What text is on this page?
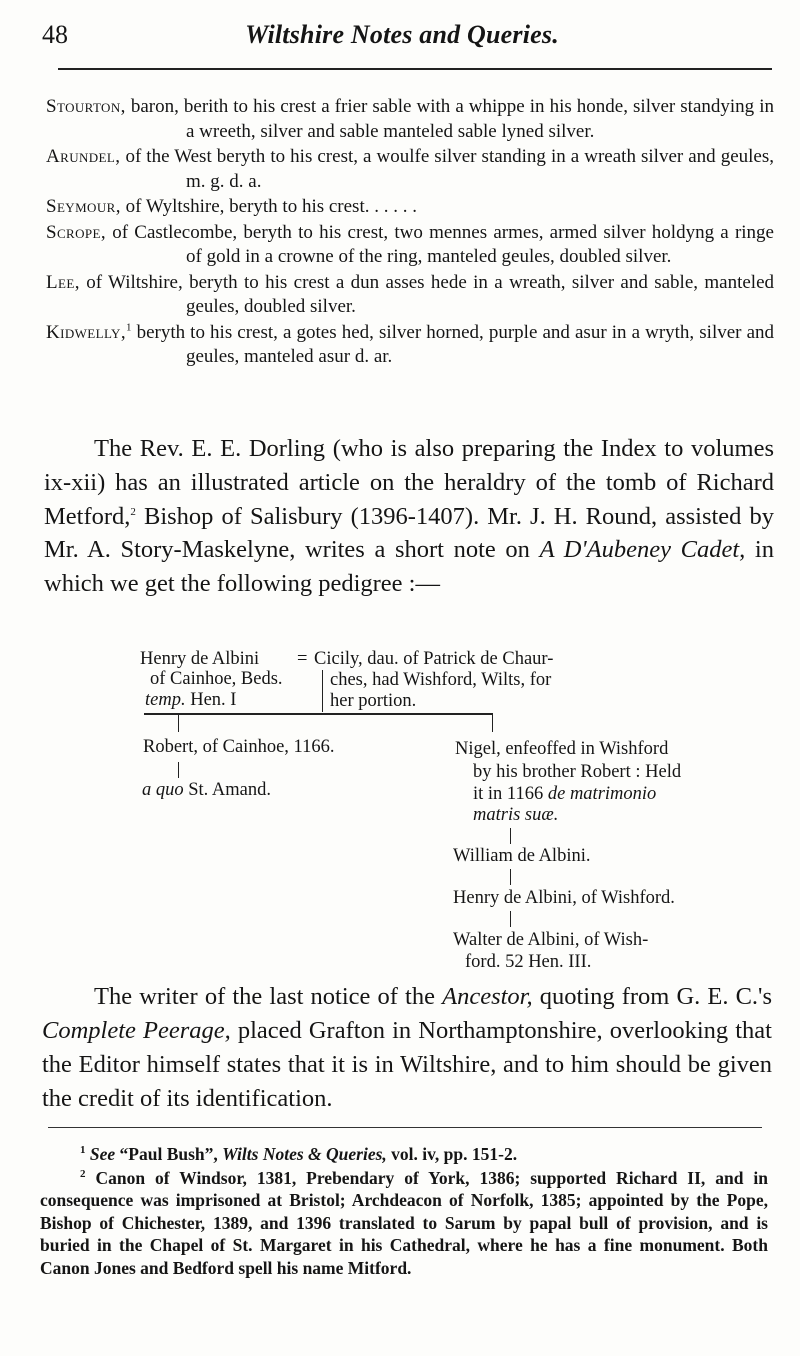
48	Wiltshire Notes and Queries.
Stourton, baron, berith to his crest a frier sable with a whippe in his honde, silver standying in a wreeth, silver and sable manteled sable lyned silver.
Arundel, of the West beryth to his crest, a woulfe silver standing in a wreath silver and geules, m. g. d. a.
Seymour, of Wyltshire, beryth to his crest. . . . . .
Scrope, of Castlecombe, beryth to his crest, two mennes armes, armed silver holdyng a ringe of gold in a crowne of the ring, manteled geules, doubled silver.
Lee, of Wiltshire, beryth to his crest a dun asses hede in a wreath, silver and sable, manteled geules, doubled silver.
Kidwelly,$^1$ beryth to his crest, a gotes hed, silver horned, purple and asur in a wryth, silver and geules, manteled asur d. ar.

The Rev. E. E. Dorling (who is also preparing the Index to volumes ix-xii) has an illustrated article on the heraldry of the tomb of Richard Metford,$^2$ Bishop of Salisbury (1396-1407). Mr. J. H. Round, assisted by Mr. A. Story-Maskelyne, writes a short note on A D'Aubeney Cadet, in which we get the following pedigree :—

Henry de Albini
of Cainhoe, Beds.
temp. Hen. I
= Cicily, dau. of Patrick de Chaur-
ches, had Wishford, Wilts, for
her portion.
Robert, of Cainhoe, 1166.
a quo St. Amand.
Nigel, enfeoffed in Wishford
by his brother Robert : Held
it in 1166 de matrimonio
matris suæ.
William de Albini.
Henry de Albini, of Wishford.
Walter de Albini, of Wish-
ford. 52 Hen. III.

The writer of the last notice of the Ancestor, quoting from G. E. C.'s Complete Peerage, placed Grafton in Northamptonshire, overlooking that the Editor himself states that it is in Wiltshire, and to him should be given the credit of its identification.

$^1$ See “Paul Bush”, Wilts Notes & Queries, vol. iv, pp. 151-2.

$^2$ Canon of Windsor, 1381, Prebendary of York, 1386; supported Richard II, and in consequence was imprisoned at Bristol; Archdeacon of Norfolk, 1385; appointed by the Pope, Bishop of Chichester, 1389, and 1396 translated to Sarum by papal bull of provision, and is buried in the Chapel of St. Margaret in his Cathedral, where he has a fine monument. Both Canon Jones and Bedford spell his name Mitford.
